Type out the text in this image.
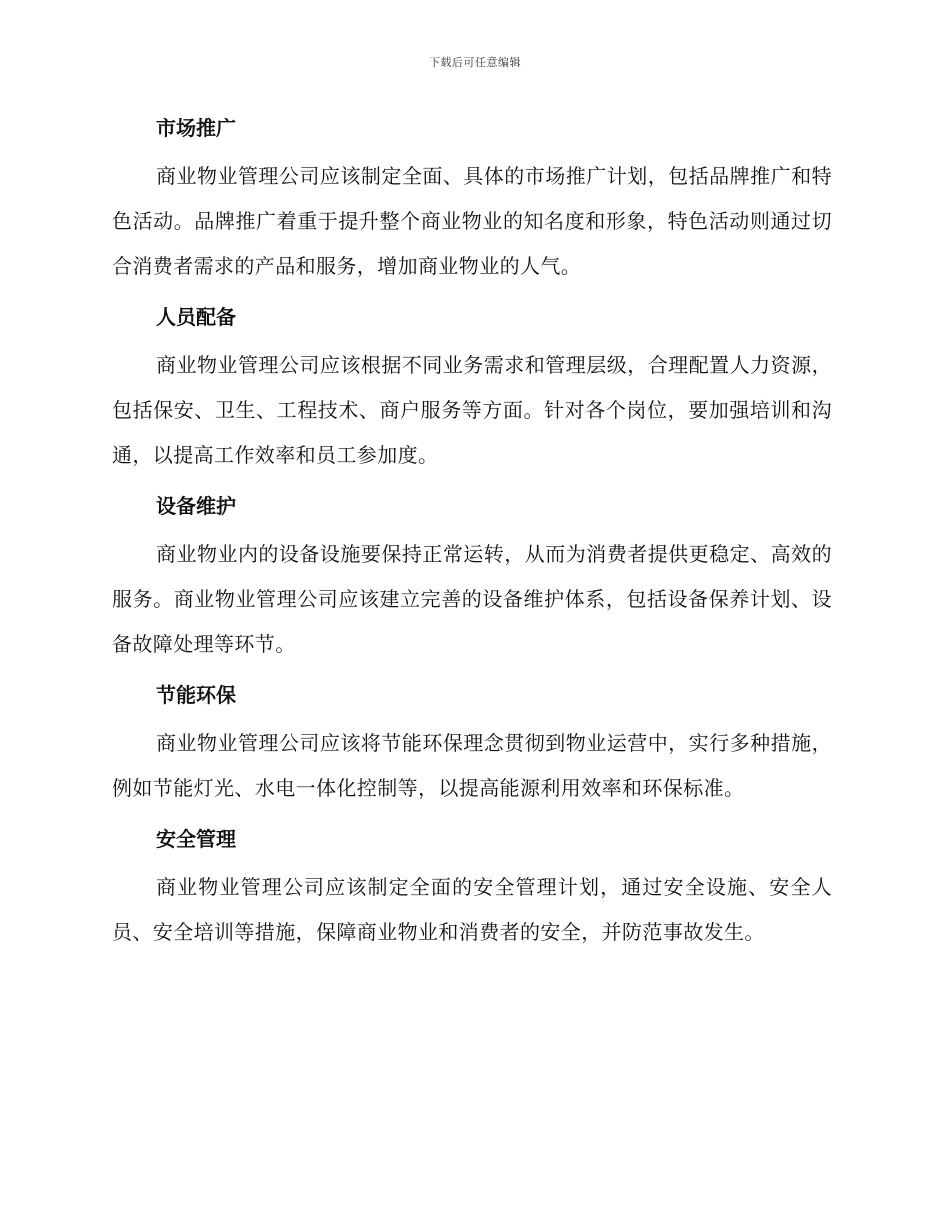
下载后可任意编辑
市场推广

商业物业管理公司应该制定全面、具体的市场推广计划，包括品牌推广和特色活动。品牌推广着重于提升整个商业物业的知名度和形象，特色活动则通过切合消费者需求的产品和服务，增加商业物业的人气。

人员配备

商业物业管理公司应该根据不同业务需求和管理层级，合理配置人力资源，包括保安、卫生、工程技术、商户服务等方面。针对各个岗位，要加强培训和沟通，以提高工作效率和员工参加度。

设备维护

商业物业内的设备设施要保持正常运转，从而为消费者提供更稳定、高效的服务。商业物业管理公司应该建立完善的设备维护体系，包括设备保养计划、设备故障处理等环节。

节能环保

商业物业管理公司应该将节能环保理念贯彻到物业运营中，实行多种措施，例如节能灯光、水电一体化控制等，以提高能源利用效率和环保标准。

安全管理

商业物业管理公司应该制定全面的安全管理计划，通过安全设施、安全人员、安全培训等措施，保障商业物业和消费者的安全，并防范事故发生。
